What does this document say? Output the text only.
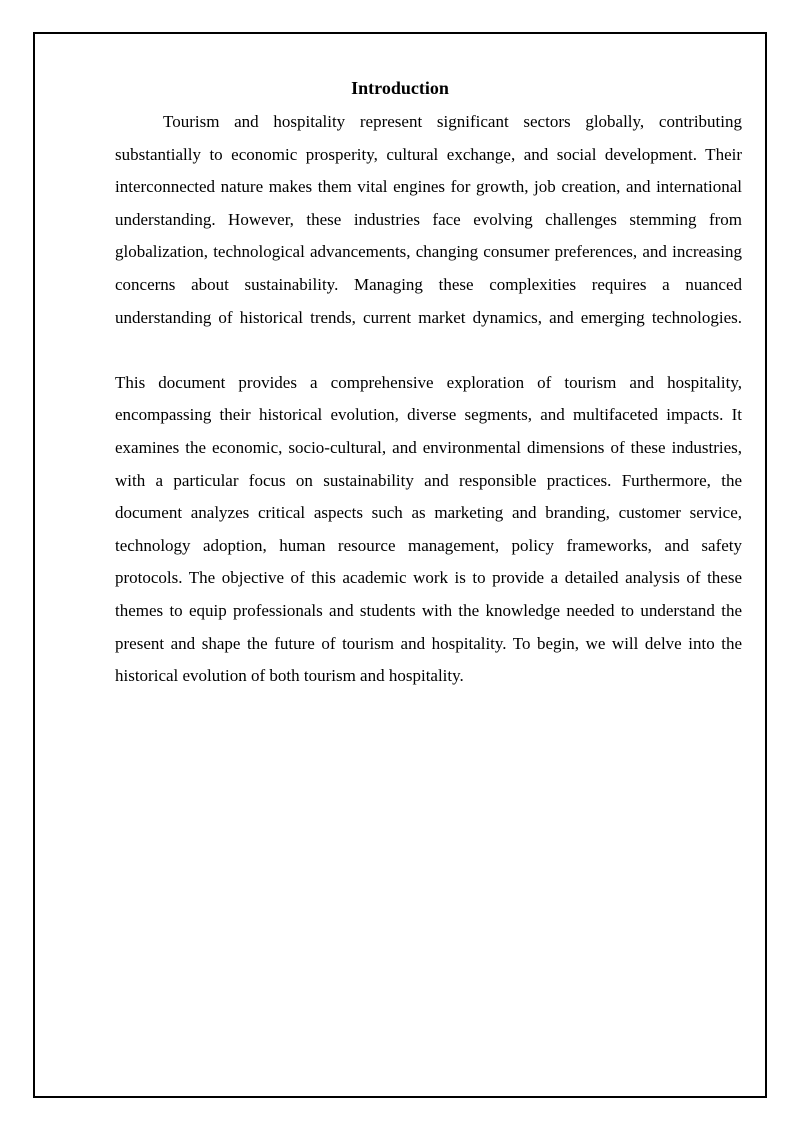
Introduction

Tourism and hospitality represent significant sectors globally, contributing substantially to economic prosperity, cultural exchange, and social development. Their interconnected nature makes them vital engines for growth, job creation, and international understanding. However, these industries face evolving challenges stemming from globalization, technological advancements, changing consumer preferences, and increasing concerns about sustainability. Managing these complexities requires a nuanced understanding of historical trends, current market dynamics, and emerging technologies.

This document provides a comprehensive exploration of tourism and hospitality, encompassing their historical evolution, diverse segments, and multifaceted impacts. It examines the economic, socio-cultural, and environmental dimensions of these industries, with a particular focus on sustainability and responsible practices. Furthermore, the document analyzes critical aspects such as marketing and branding, customer service, technology adoption, human resource management, policy frameworks, and safety protocols. The objective of this academic work is to provide a detailed analysis of these themes to equip professionals and students with the knowledge needed to understand the present and shape the future of tourism and hospitality. To begin, we will delve into the historical evolution of both tourism and hospitality.
